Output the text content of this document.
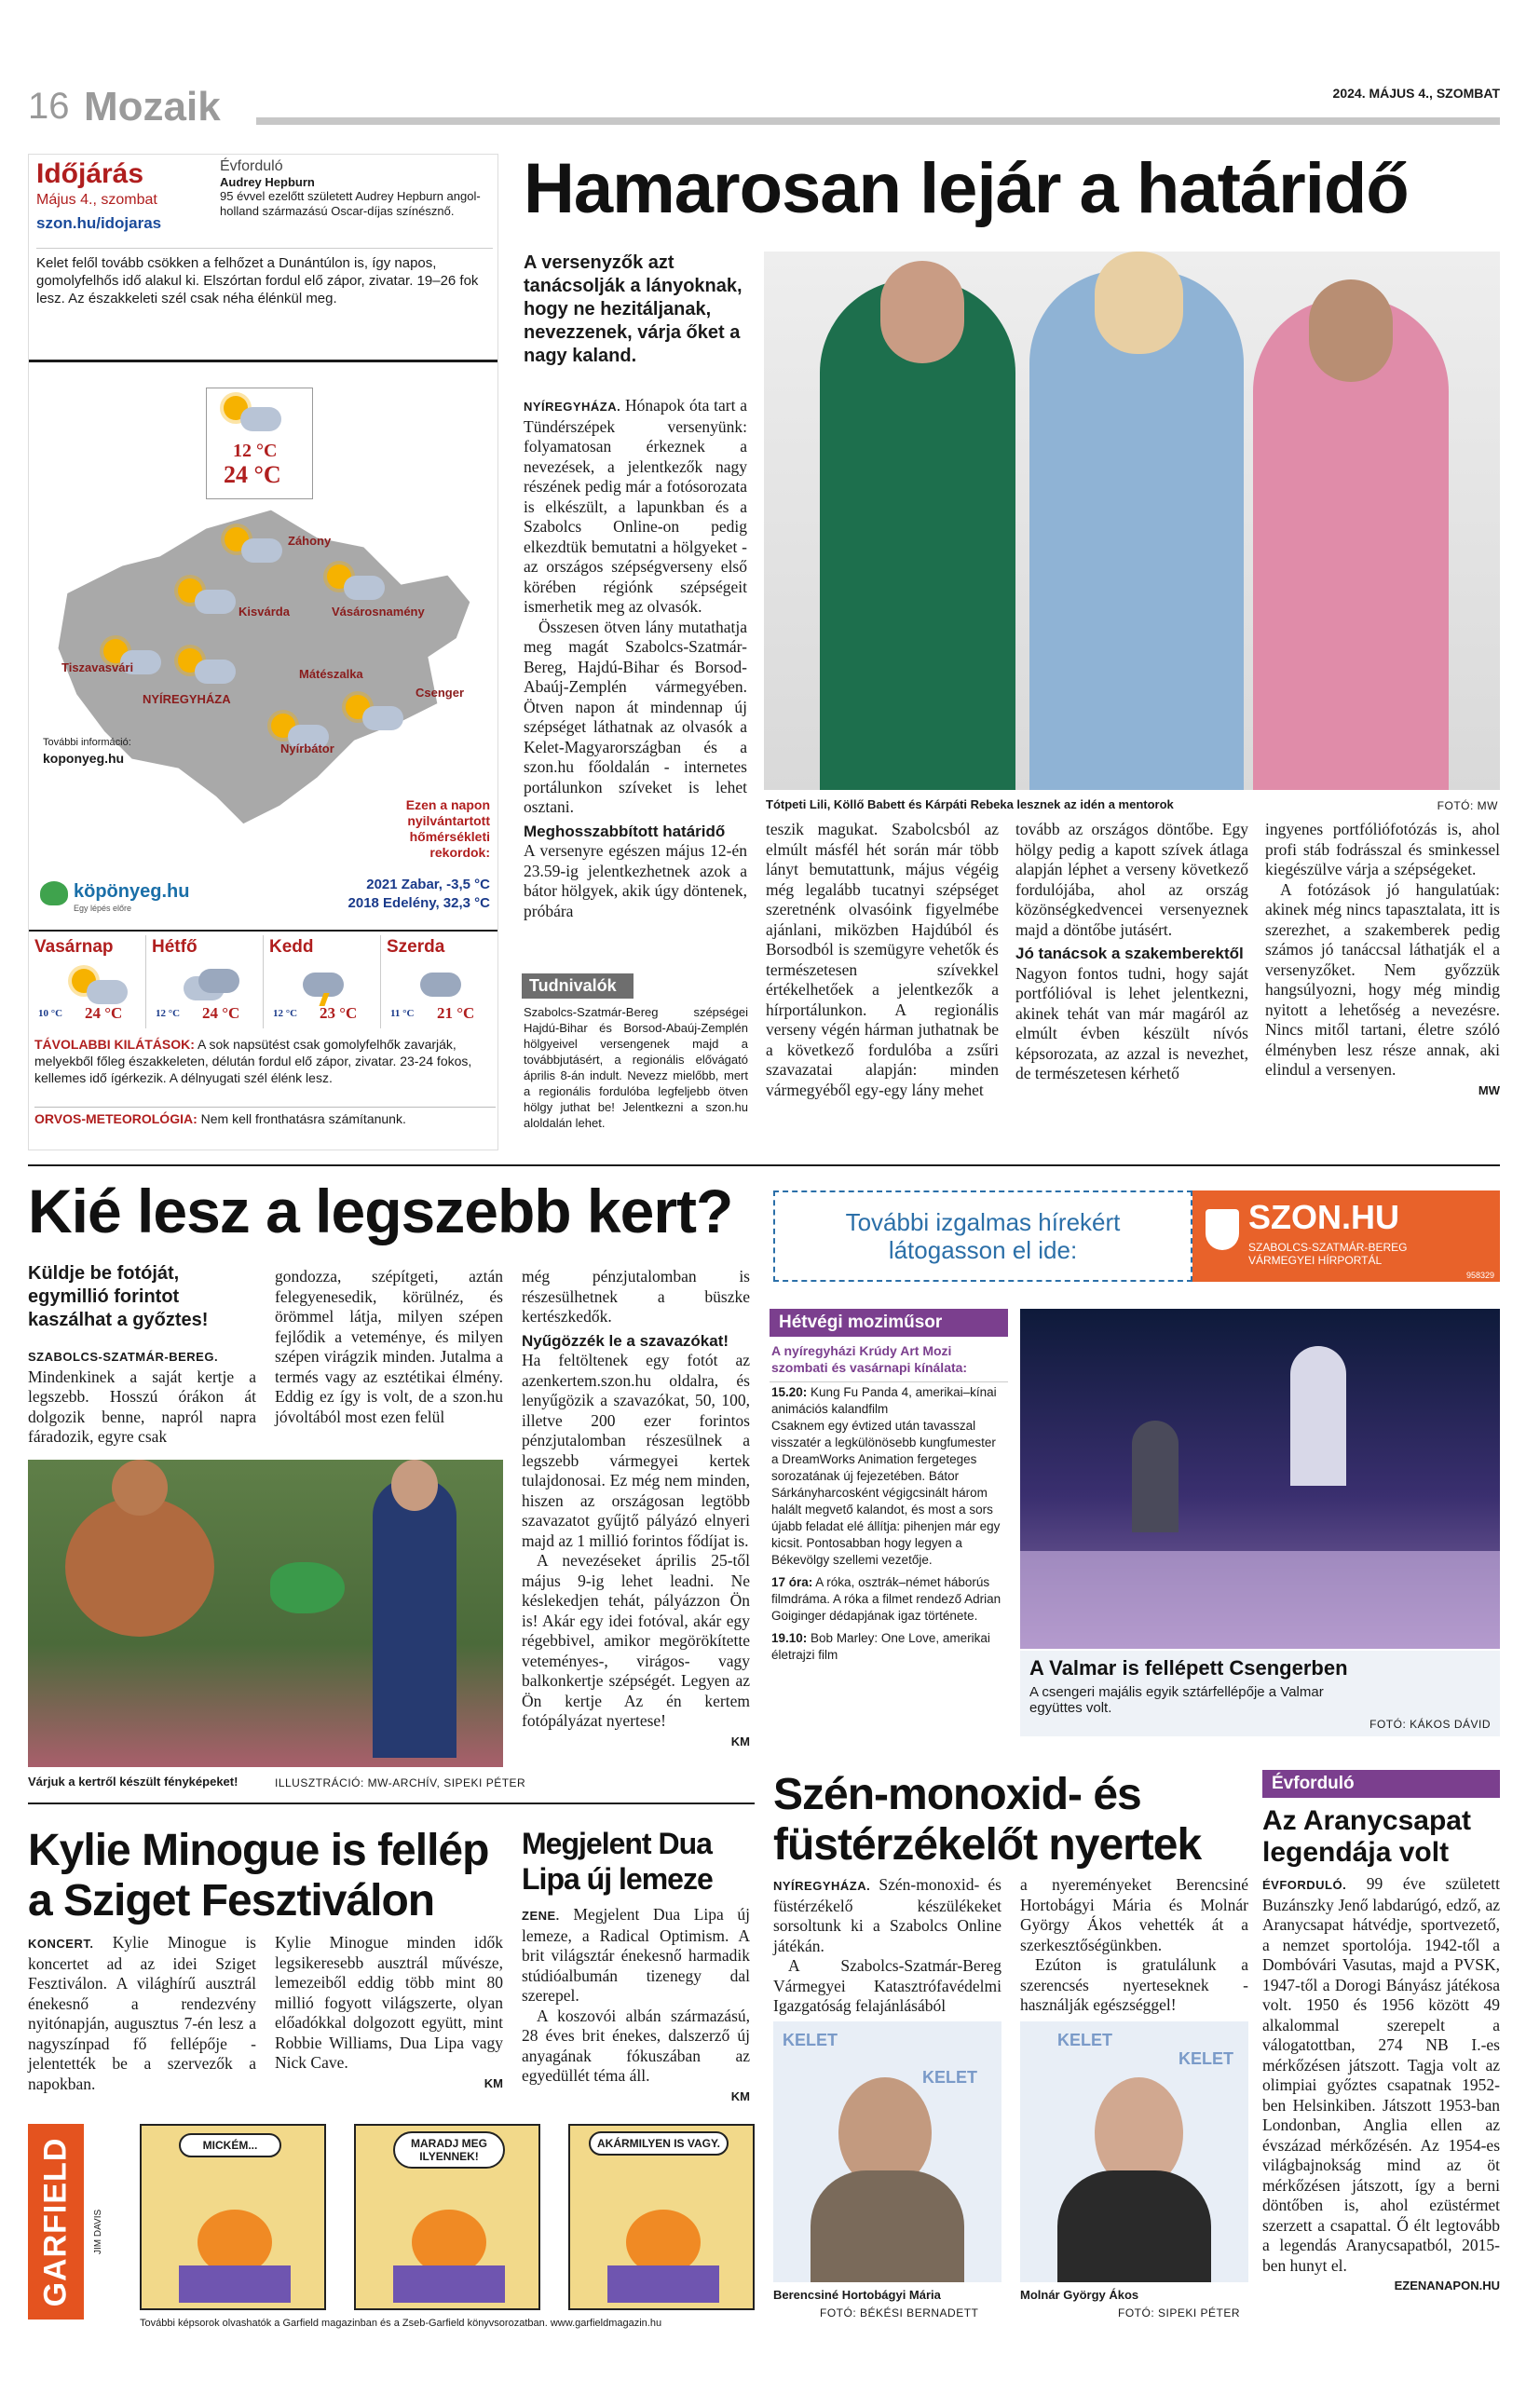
16 Mozaik	2024. MÁJUS 4., SZOMBAT
Időjárás
Május 4., szombat
szon.hu/idojaras
Évforduló
Audrey Hepburn
95 évvel ezelőtt született Audrey Hepburn angol-holland származású Oscar-díjas színésznő.
Kelet felől tovább csökken a felhőzet a Dunántúlon is, így napos, gomolyfelhős idő alakul ki. Elszórtan fordul elő zápor, zivatar. 19–26 fok lesz. Az északkeleti szél csak néha élénkül meg.
12 °C
24 °C
Záhony
Kisvárda	Vásárosnamény
Tiszavasvári	Mátészalka
Csenger
NYÍREGYHÁZA
Nyírbátor
További információ:
koponyeg.hu
Ezen a napon nyilvántartott hőmérsékleti rekordok:
2021 Zabar, -3,5 °C
2018 Edelény, 32,3 °C
köpönyeg.hu
Egy lépés előre
Vasárnap
10 °C 24 °C
Hétfő
12 °C 24 °C
Kedd
12 °C 23 °C
Szerda
11 °C 21 °C
TÁVOLABBI KILÁTÁSOK: A sok napsütést csak gomolyfelhők zavarják, melyekből főleg északkeleten, délután fordul elő zápor, zivatar. 23-24 fokos, kellemes idő ígérkezik. A délnyugati szél élénk lesz.
ORVOS-METEOROLÓGIA: Nem kell fronthatásra számítanunk.
Hamarosan lejár a határidő
A versenyzők azt tanácsolják a lányoknak, hogy ne hezitáljanak, nevezzenek, várja őket a nagy kaland.

NYÍREGYHÁZA. Hónapok óta tart a Tündérszépek versenyünk: folyamatosan érkeznek a nevezések, a jelentkezők nagy részének pedig már a fotósorozata is elkészült, a lapunkban és a Szabolcs Online-on pedig elkezdtük bemutatni a hölgyeket - az országos szépségverseny első körében régiónk szépségeit ismerhetik meg az olvasók.

Összesen ötven lány mutathatja meg magát Szabolcs-Szatmár-Bereg, Hajdú-Bihar és Borsod-Abaúj-Zemplén vármegyében. Ötven napon át mindennap új szépséget láthatnak az olvasók a Kelet-Magyarországban és a szon.hu főoldalán - internetes portálunkon szíveket is lehet osztani.

Meghosszabbított határidő

A versenyre egészen május 12-én 23.59-ig jelentkezhetnek azok a bátor hölgyek, akik úgy döntenek, próbára

Tudnivalók
Szabolcs-Szatmár-Bereg szépségei Hajdú-Bihar és Borsod-Abaúj-Zemplén hölgyeivel versengenek majd a továbbjutásért, a regionális elővágató április 8-án indult. Nevezz mielőbb, mert a regionális fordulóba legfeljebb ötven hölgy juthat be! Jelentkezni a szon.hu aloldalán lehet.
Tótpeti Lili, Köllő Babett és Kárpáti Rebeka lesznek az idén a mentorok	FOTÓ: MW
teszik magukat. Szabolcsból az elmúlt másfél hét során már több lányt bemutattunk, május végéig még legalább tucatnyi szépséget szeretnénk olvasóink figyelmébe ajánlani, miközben Hajdúból és Borsodból is szemügyre vehetők és természetesen szívekkel értékelhetőek a jelentkezők a hírportálunkon. A regionális verseny végén hárman juthatnak be a következő fordulóba a zsűri szavazatai alapján: minden vármegyéből egy-egy lány mehet

tovább az országos döntőbe. Egy hölgy pedig a kapott szívek átlaga alapján léphet a verseny következő fordulójába, ahol az ország közönségkedvencei versenyeznek majd a döntőbe jutásért.

Jó tanácsok a szakemberektől

Nagyon fontos tudni, hogy saját portfólióval is lehet jelentkezni, akinek tehát van már magáról az elmúlt évben készült nívós képsorozata, az azzal is nevezhet, de természetesen kérhető

ingyenes portfóliófotózás is, ahol profi stáb fodrásszal és sminkessel kiegészülve várja a szépségeket.

A fotózások jó hangulatúak: akinek még nincs tapasztalata, itt is szerezhet, a szakemberek pedig számos jó tanáccsal láthatják el a versenyzőket. Nem győzzük hangsúlyozni, hogy még mindig nyitott a lehetőség a nevezésre. Nincs mitől tartani, életre szóló élményben lesz része annak, aki elindul a versenyen.

MW
Kié lesz a legszebb kert?
Küldje be fotóját, egymillió forintot kaszálhat a győztes!

SZABOLCS-SZATMÁR-BEREG. Mindenkinek a saját kertje a legszebb. Hosszú órákon át dolgozik benne, napról napra fáradozik, egyre csak

gondozza, szépítgeti, aztán felegyenesedik, körülnéz, és örömmel látja, milyen szépen fejlődik a veteménye, és milyen szépen virágzik minden. Jutalma a termés vagy az esztétikai élmény. Eddig ez így is volt, de a szon.hu jóvoltából most ezen felül

még pénzjutalomban is részesülhetnek a büszke kertészkedők.

Nyűgözzék le a szavazókat!

Ha feltöltenek egy fotót az azenkertem.szon.hu oldalra, és lenyűgözik a szavazókat, 50, 100, illetve 200 ezer forintos pénzjutalomban részesülnek a legszebb vármegyei kertek tulajdonosai. Ez még nem minden, hiszen az országosan legtöbb szavazatot gyűjtő pályázó elnyeri majd az 1 millió forintos fődíjat is.

A nevezéseket április 25-től május 9-ig lehet leadni. Ne késlekedjen tehát, pályázzon Ön is! Akár egy idei fotóval, akár egy régebbivel, amikor megörökítette veteményes-, virágos- vagy balkonkertje szépségét. Legyen az Ön kertje Az én kertem fotópályázat nyertese!

KM
Várjuk a kertről készült fényképeket!	ILLUSZTRÁCIÓ: MW-ARCHÍV, SIPEKI PÉTER
További izgalmas hírekért látogasson el ide:
SZON.HU
SZABOLCS-SZATMÁR-BEREG VÁRMEGYEI HÍRPORTÁL
958329
Hétvégi moziműsor
A nyíregyházi Krúdy Art Mozi szombati és vasárnapi kínálata:

15.20: Kung Fu Panda 4, amerikai–kínai animációs kalandfilm

Csaknem egy évtized után tavasszal visszatér a legkülönösebb kungfumester a DreamWorks Animation fergeteges sorozatának új fejezetében. Bátor Sárkányharcosként végigcsinált három halált megvető kalandot, és most a sors újabb feladat elé állítja: pihenjen már egy kicsit. Pontosabban hogy legyen a Békevölgy szellemi vezetője.

17 óra: A róka, osztrák–német háborús filmdráma. A róka a filmet rendező Adrian Goiginger dédapjának igaz története.

19.10: Bob Marley: One Love, amerikai életrajzi film

A Valmar is fellépett Csengerben
A csengeri majális egyik sztárfellépője a Valmar együttes volt.
FOTÓ: KÁKOS DÁVID
Kylie Minogue is fellép a Sziget Fesztiválon

KONCERT. Kylie Minogue is koncertet ad az idei Sziget Fesztiválon. A világhírű ausztrál énekesnő a rendezvény nyitónapján, augusztus 7-én lesz a nagyszínpad fő fellépője - jelentették be a szervezők a napokban.

Kylie Minogue minden idők legsikeresebb ausztrál művésze, lemezeiből eddig több mint 80 millió fogyott világszerte, olyan előadókkal dolgozott együtt, mint Robbie Williams, Dua Lipa vagy Nick Cave.

KM
Megjelent Dua Lipa új lemeze

ZENE. Megjelent Dua Lipa új lemeze, a Radical Optimism. A brit világsztár énekesnő harmadik stúdióalbumán tizenegy dal szerepel.

A koszovói albán származású, 28 éves brit énekes, dalszerző új anyagának fókuszában az egyedüllét téma áll.

KM
GARFIELD JIM DAVIS
MICKÉM...	MARADJ MEG ILYENNEK!
AKÁRMILYEN IS VAGY.
További képsorok olvashatók a Garfield magazinban és a Zseb-Garfield könyvsorozatban. www.garfieldmagazin.hu
Szén-monoxid- és füstérzékelőt nyertek

NYÍREGYHÁZA. Szén-monoxid- és füstérzékelő készülékeket sorsoltunk ki a Szabolcs Online játékán.

A Szabolcs-Szatmár-Bereg Vármegyei Katasztrófavédelmi Igazgatóság felajánlásából

a nyereményeket Berencsiné Hortobágyi Mária és Molnár György Ákos vehették át a szerkesztőségünkben.

Ezúton is gratulálunk a szerencsés nyerteseknek - használják egészséggel!

KELET
KELET
Berencsiné Hortobágyi Mária
FOTÓ: BÉKÉSI BERNADETT
KELET
KELET
Molnár György Ákos
FOTÓ: SIPEKI PÉTER
Évforduló
Az Aranycsapat legendája volt

ÉVFORDULÓ. 99 éve született Buzánszky Jenő labdarúgó, edző, az Aranycsapat hátvédje, sportvezető, a nemzet sportolója. 1942-től a Dombóvári Vasutas, majd a PVSK, 1947-től a Dorogi Bányász játékosa volt. 1950 és 1956 között 49 alkalommal szerepelt a válogatottban, 274 NB I.-es mérkőzésen játszott. Tagja volt az olimpiai győztes csapatnak 1952-ben Helsinkiben. Játszott 1953-ban Londonban, Anglia ellen az évszázad mérkőzésén. Az 1954-es világbajnokság mind az öt mérkőzésen játszott, így a berni döntőben is, ahol ezüstérmet szerzett a csapattal. Ő élt legtovább a legendás Aranycsapatból, 2015-ben hunyt el.

EZENANAPON.HU
